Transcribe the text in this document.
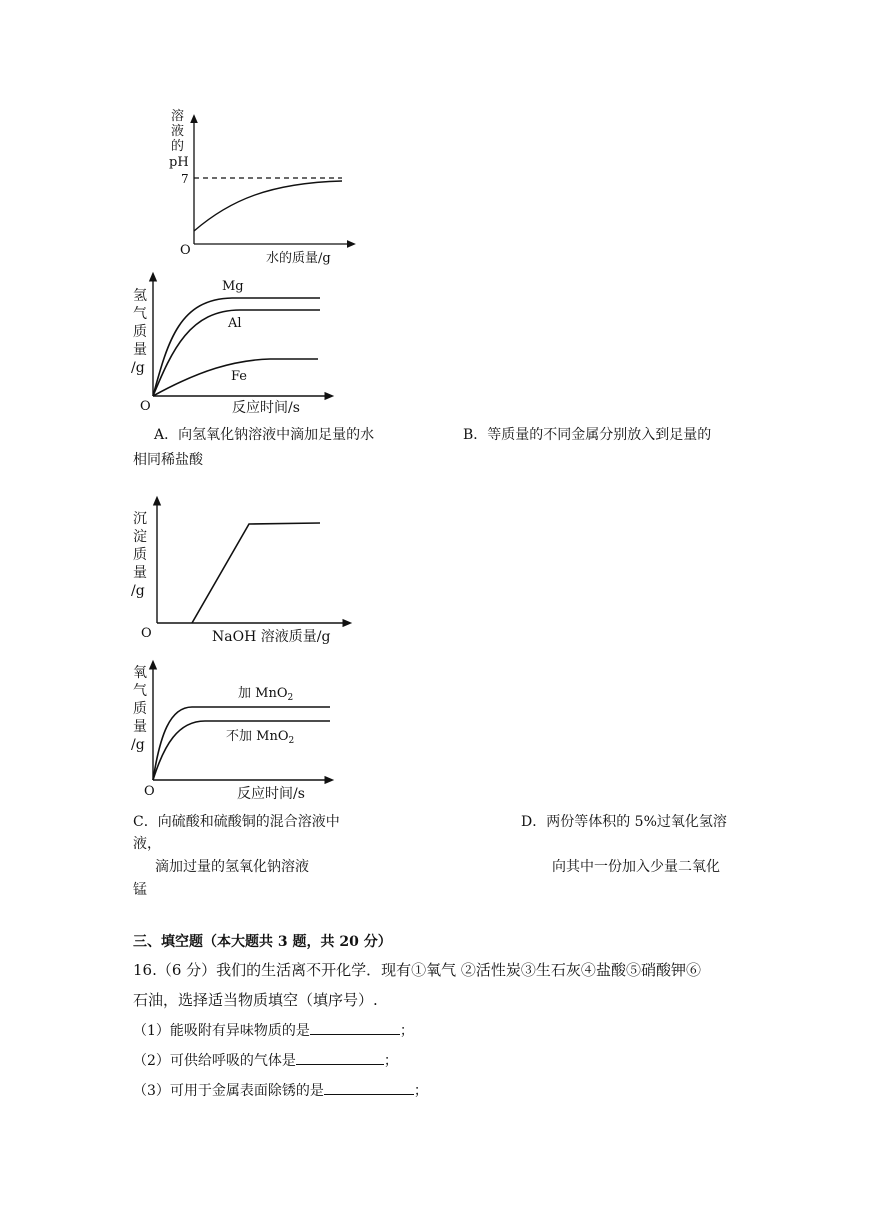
溶
液
的
pH
7
O
水的质量/g
氢
气
质
量
/g
Mg
Al
Fe
O	反应时间/s
沉
淀
质
量
/g
O	NaOH 溶液质量/g
氧
气
质
量
/g
加 MnO$_2$
不加 MnO$_2$
O	反应时间/s
A．向氢氧化钠溶液中滴加足量的水	B．等质量的不同金属分别放入到足量的
相同稀盐酸
C．向硫酸和硫酸铜的混合溶液中	D．两份等体积的 5%过氧化氢溶
液，
滴加过量的氢氧化钠溶液	向其中一份加入少量二氧化
锰
三、填空题（本大题共 3 题，共 20 分）
16.（6 分）我们的生活离不开化学．现有①氧气 ②活性炭③生石灰④盐酸⑤硝酸钾⑥
石油，选择适当物质填空（填序号）.
（1）能吸附有异味物质的是	；
（2）可供给呼吸的气体是	；
（3）可用于金属表面除锈的是	；
